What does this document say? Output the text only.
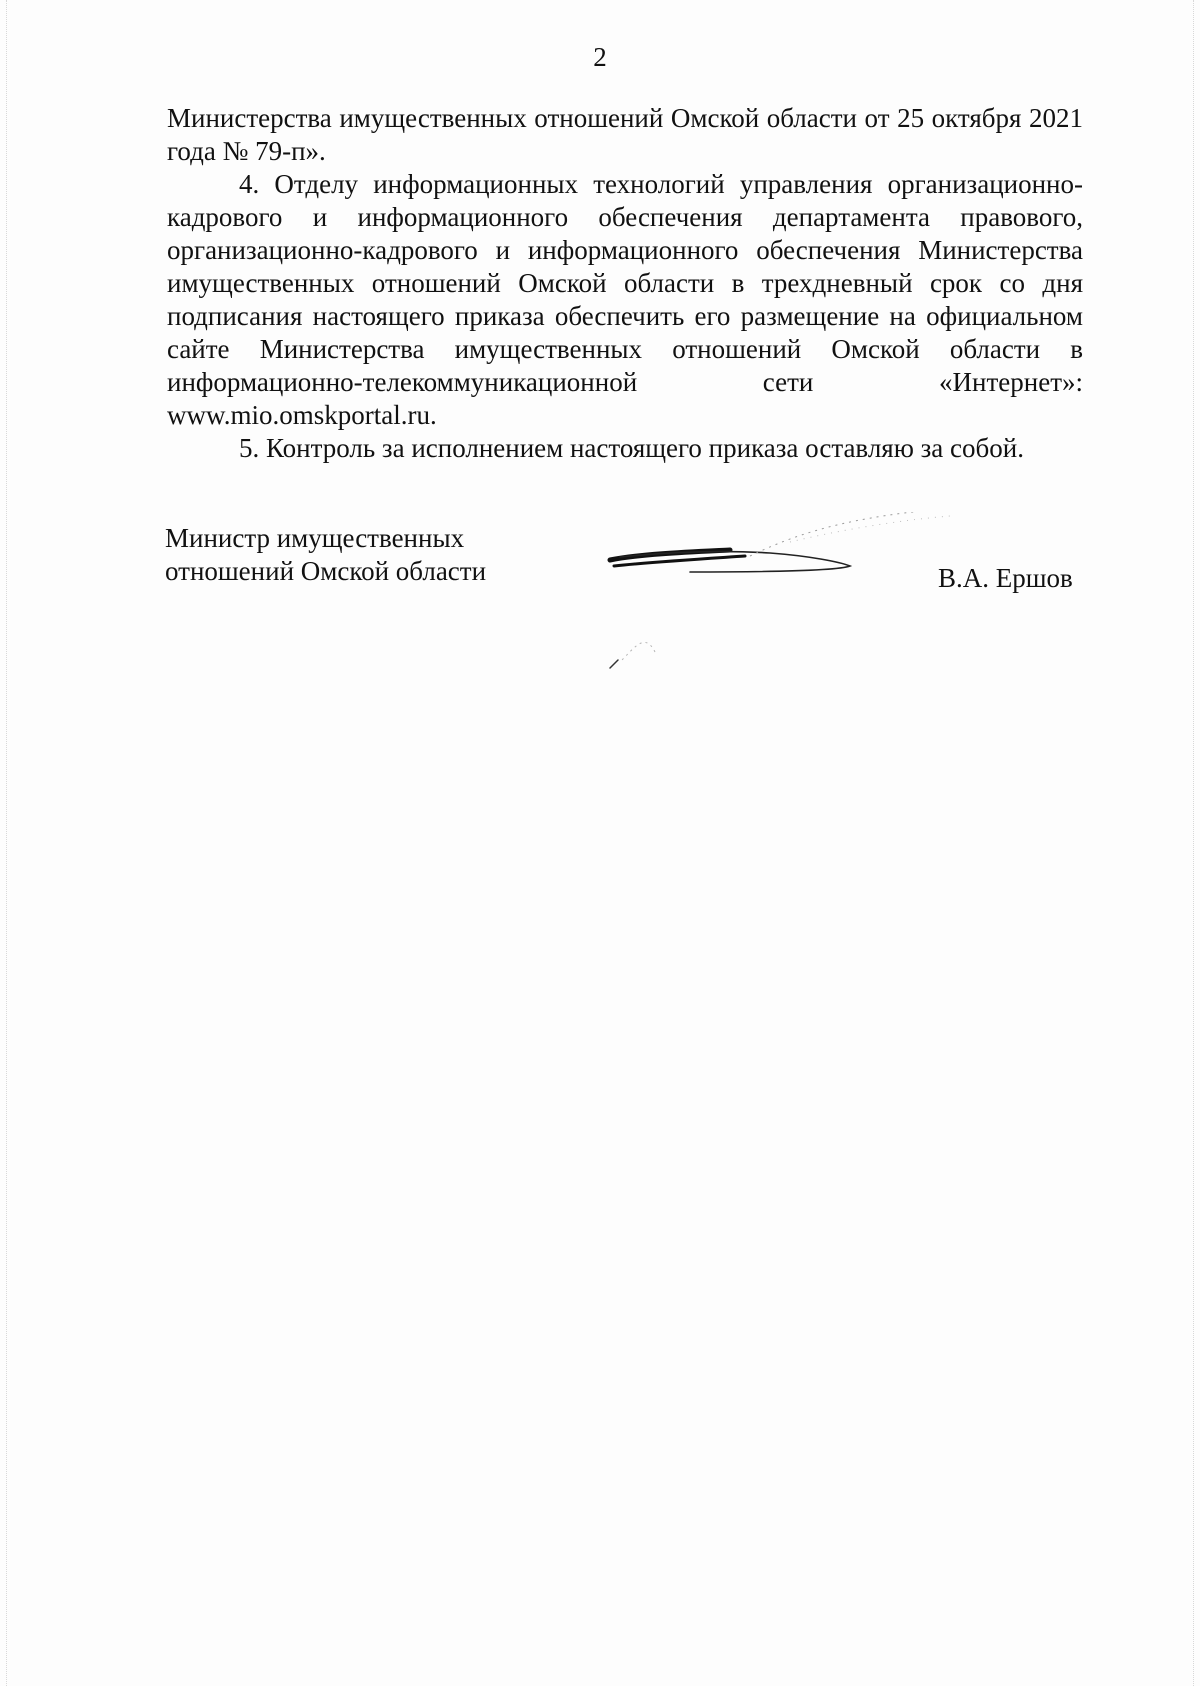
2

Министерства имущественных отношений Омской области от 25 октября 2021 года № 79-п».

4. Отделу информационных технологий управления организационно-кадрового и информационного обеспечения департамента правового, организационно-кадрового и информационного обеспечения Министерства имущественных отношений Омской области в трехдневный срок со дня подписания настоящего приказа обеспечить его размещение на официальном сайте Министерства имущественных отношений Омской области в информационно-телекоммуникационной сети «Интернет»: www.mio.omskportal.ru.

5. Контроль за исполнением настоящего приказа оставляю за собой.

Министр имущественных
отношений Омской области	В.А. Ершов
